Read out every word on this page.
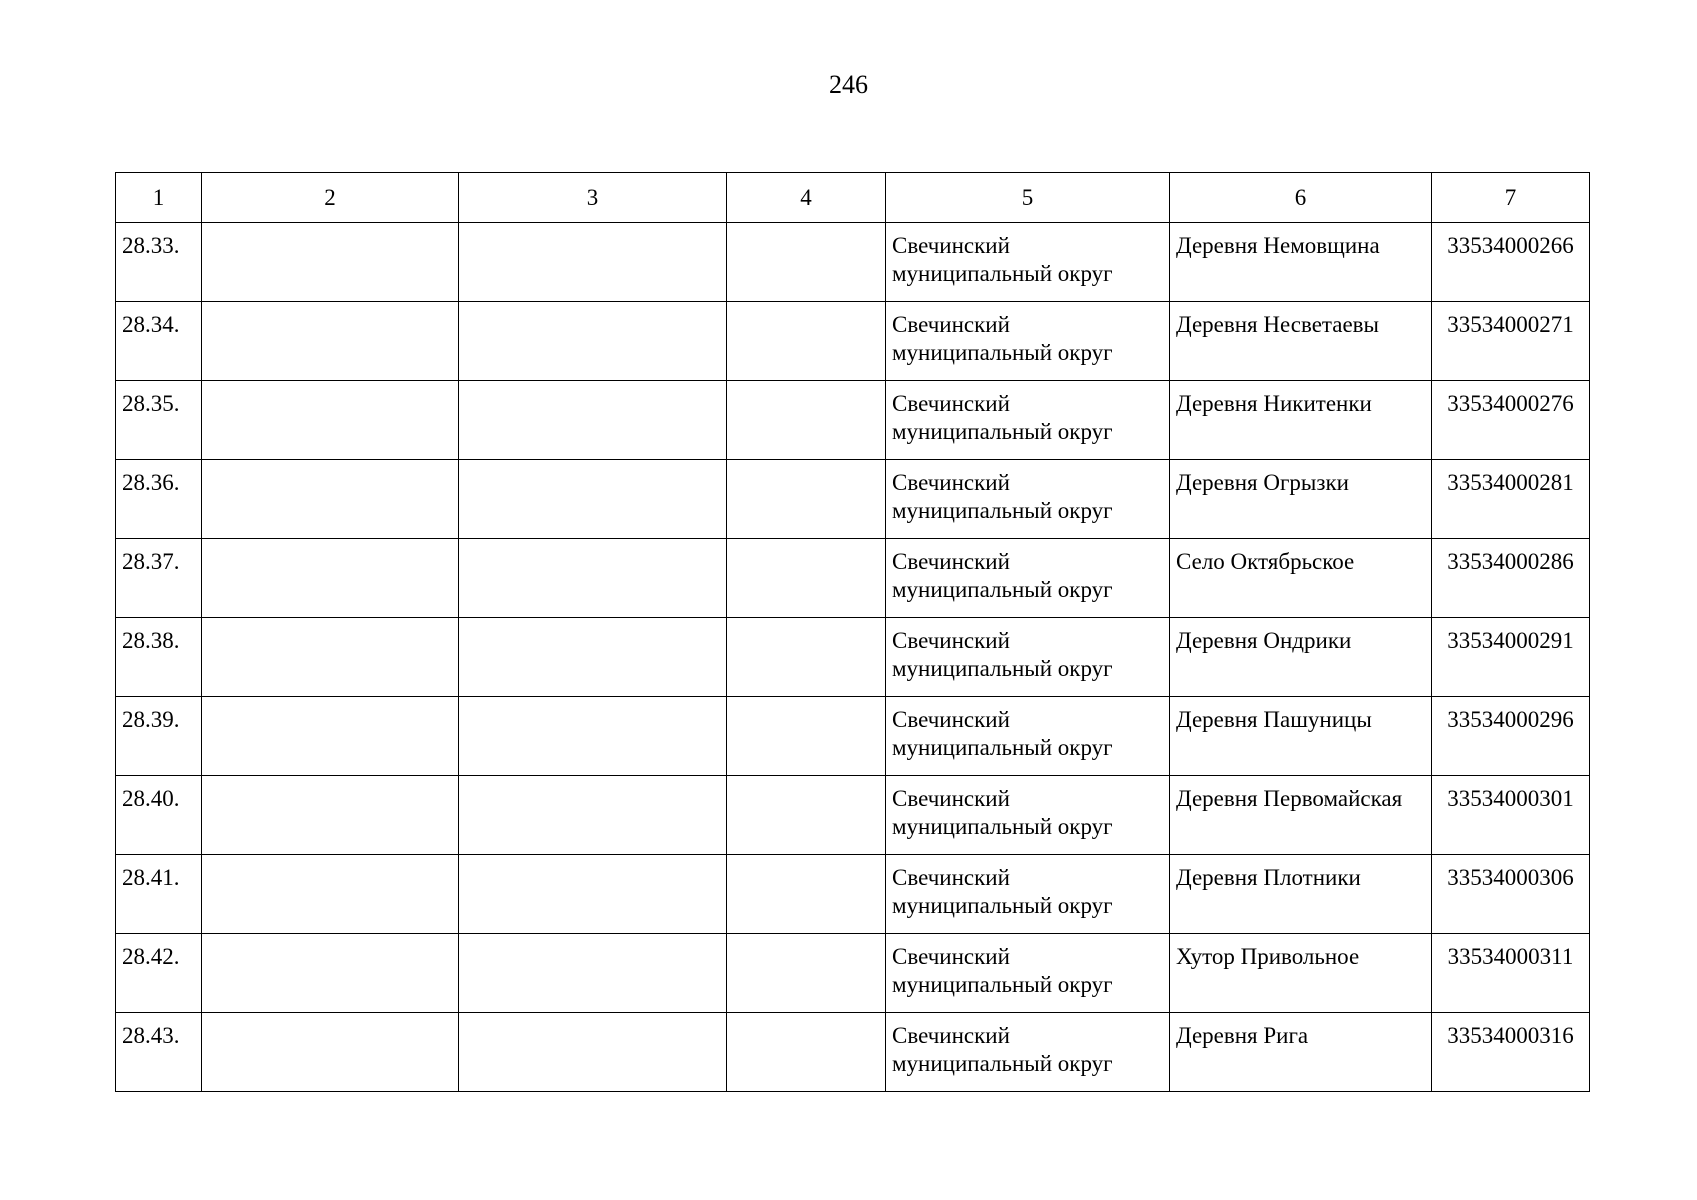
246
1	2	3	4	5	6	7
28.33.				Свечинский муниципальный округ	Деревня Немовщина	33534000266
28.34.				Свечинский муниципальный округ	Деревня Несветаевы	33534000271
28.35.				Свечинский муниципальный округ	Деревня Никитенки	33534000276
28.36.				Свечинский муниципальный округ	Деревня Огрызки	33534000281
28.37.				Свечинский муниципальный округ	Село Октябрьское	33534000286
28.38.				Свечинский муниципальный округ	Деревня Ондрики	33534000291
28.39.				Свечинский муниципальный округ	Деревня Пашуницы	33534000296
28.40.				Свечинский муниципальный округ	Деревня Первомайская	33534000301
28.41.				Свечинский муниципальный округ	Деревня Плотники	33534000306
28.42.				Свечинский муниципальный округ	Хутор Привольное	33534000311
28.43.				Свечинский муниципальный округ	Деревня Рига	33534000316
